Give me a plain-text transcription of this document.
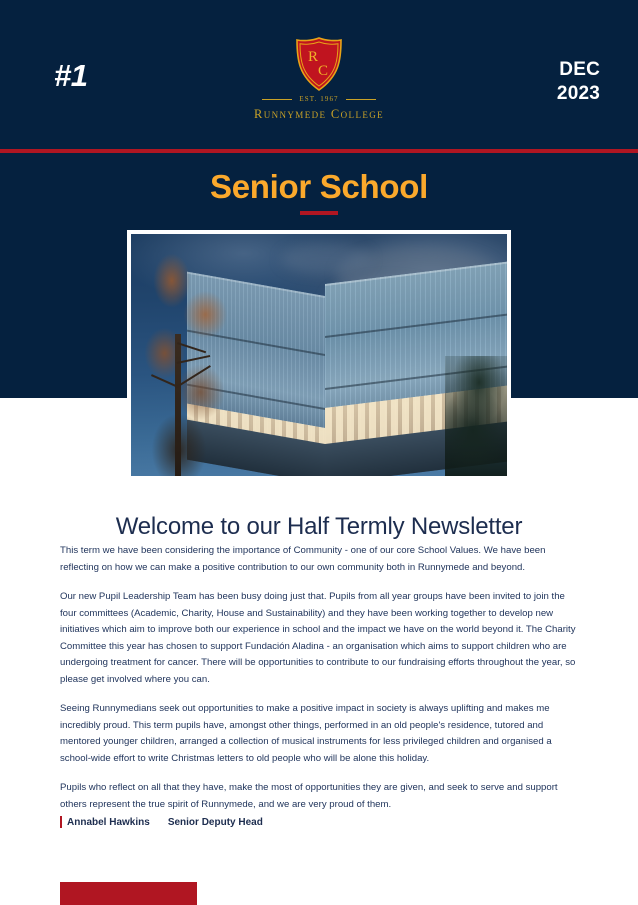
#1
R
C
EST. 1967
Runnymede College
DEC
2023
Senior School
Welcome to our Half Termly Newsletter

This term we have been considering the importance of Community - one of our core School Values. We have been reflecting on how we can make a positive contribution to our own community both in Runnymede and beyond.

Our new Pupil Leadership Team has been busy doing just that. Pupils from all year groups have been invited to join the four committees (Academic, Charity, House and Sustainability) and they have been working together to develop new initiatives which aim to improve both our experience in school and the impact we have on the world beyond it. The Charity Committee this year has chosen to support Fundación Aladina - an organisation which aims to support children who are undergoing treatment for cancer. There will be opportunities to contribute to our fundraising efforts throughout the year, so please get involved where you can.

Seeing Runnymedians seek out opportunities to make a positive impact in society is always uplifting and makes me incredibly proud. This term pupils have, amongst other things, performed in an old people's residence, tutored and mentored younger children, arranged a collection of musical instruments for less privileged children and organised a school-wide effort to write Christmas letters to old people who will be alone this holiday.

Pupils who reflect on all that they have, make the most of opportunities they are given, and seek to serve and support others represent the true spirit of Runnymede, and we are very proud of them.

Annabel Hawkins Senior Deputy Head
